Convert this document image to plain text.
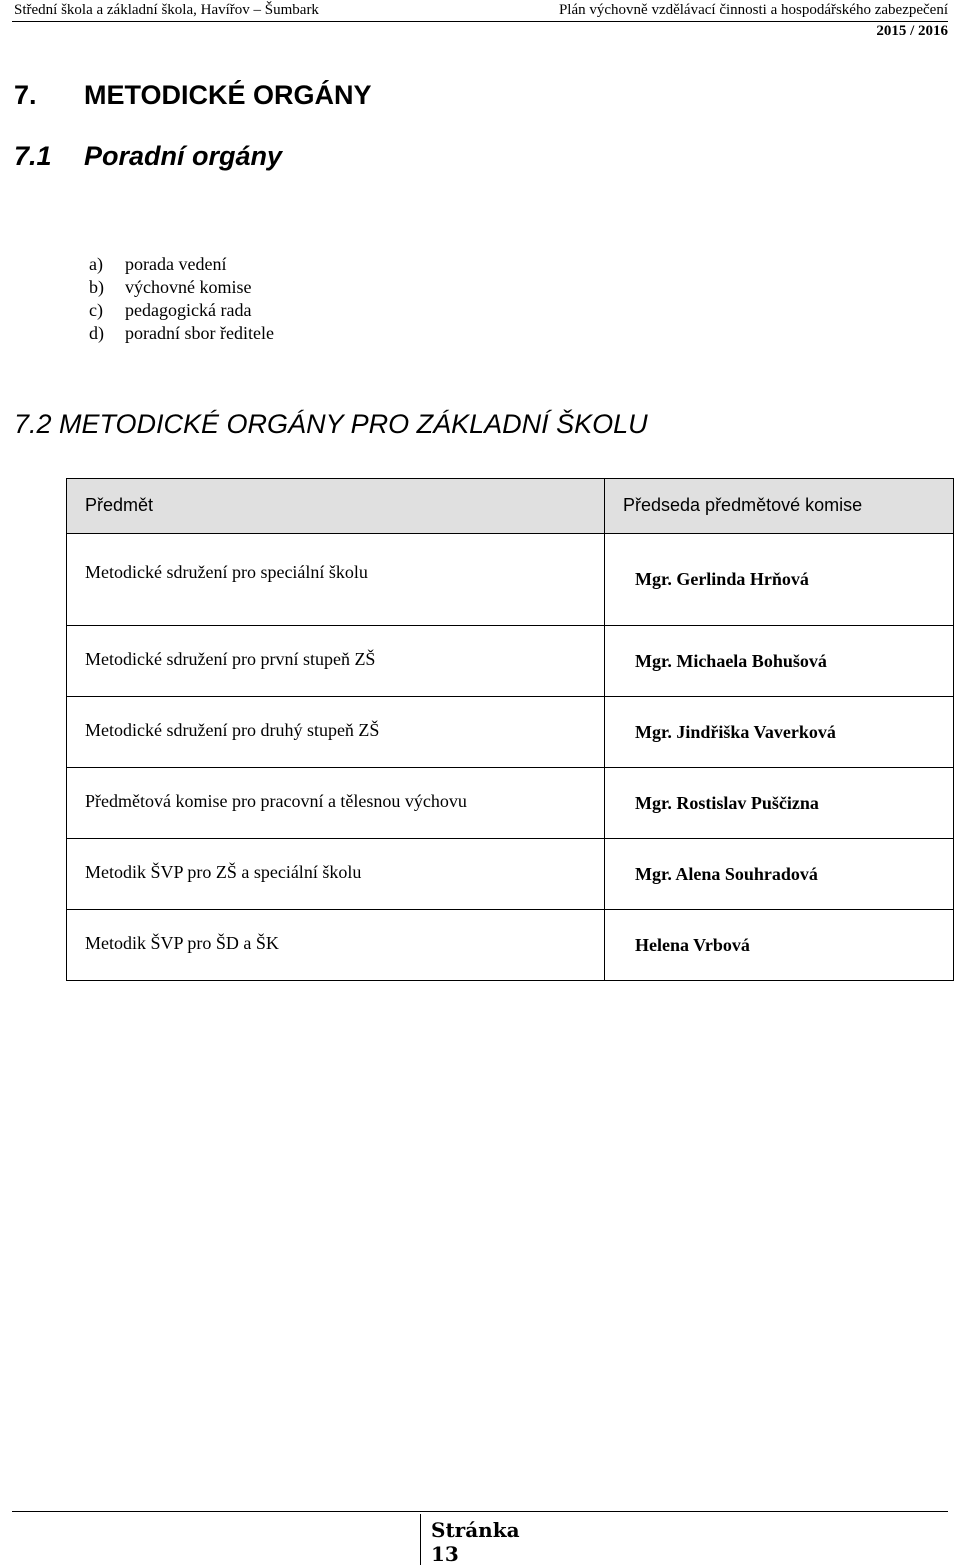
Střední škola a základní škola, Havířov – Šumbark	Plán výchovně vzdělávací činnosti a hospodářského zabezpečení
2015 / 2016
7. METODICKÉ ORGÁNY
7.1 Poradní orgány
a)	porada vedení
b)	výchovné komise
c)	pedagogická rada
d)	poradní sbor ředitele
7.2 METODICKÉ ORGÁNY PRO ZÁKLADNÍ ŠKOLU
Předmět	Předseda předmětové komise
Metodické sdružení pro speciální školu	Mgr. Gerlinda Hrňová
Metodické sdružení pro první stupeň ZŠ	Mgr. Michaela Bohušová
Metodické sdružení pro druhý stupeň ZŠ	Mgr. Jindřiška Vaverková
Předmětová komise pro pracovní a tělesnou výchovu	Mgr. Rostislav Puščizna
Metodik ŠVP pro ZŠ a speciální školu	Mgr. Alena Souhradová
Metodik ŠVP pro ŠD a ŠK	Helena Vrbová
Stránka
13
